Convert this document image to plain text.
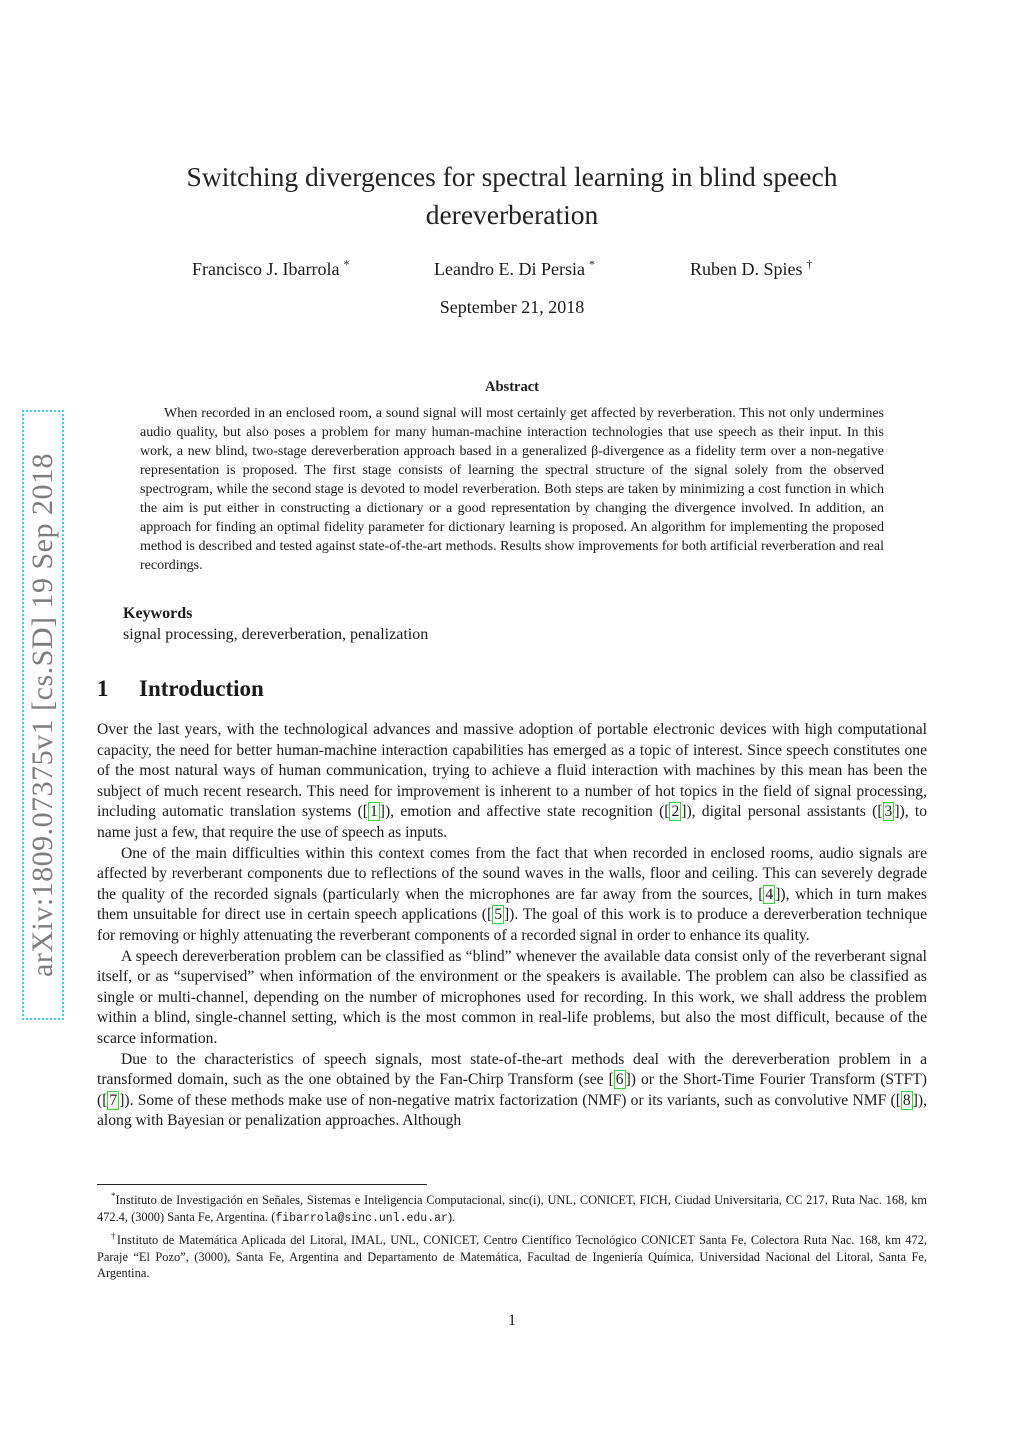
arXiv:1809.07375v1 [cs.SD] 19 Sep 2018
Switching divergences for spectral learning in blind speech dereverberation
Francisco J. Ibarrola *	Leandro E. Di Persia *	Ruben D. Spies †
September 21, 2018
Abstract

When recorded in an enclosed room, a sound signal will most certainly get affected by reverberation. This not only undermines audio quality, but also poses a problem for many human-machine interaction technologies that use speech as their input. In this work, a new blind, two-stage dereverberation approach based in a generalized β-divergence as a fidelity term over a non-negative representation is proposed. The first stage consists of learning the spectral structure of the signal solely from the observed spectrogram, while the second stage is devoted to model reverberation. Both steps are taken by minimizing a cost function in which the aim is put either in constructing a dictionary or a good representation by changing the divergence involved. In addition, an approach for finding an optimal fidelity parameter for dictionary learning is proposed. An algorithm for implementing the proposed method is described and tested against state-of-the-art methods. Results show improvements for both artificial reverberation and real recordings.

Keywords
signal processing, dereverberation, penalization
1 Introduction

Over the last years, with the technological advances and massive adoption of portable electronic devices with high computational capacity, the need for better human-machine interaction capabilities has emerged as a topic of interest. Since speech constitutes one of the most natural ways of human communication, trying to achieve a fluid interaction with machines by this mean has been the subject of much recent research. This need for improvement is inherent to a number of hot topics in the field of signal processing, including automatic translation systems ([ 1 ]), emotion and affective state recognition ([ 2 ]), digital personal assistants ([ 3 ]), to name just a few, that require the use of speech as inputs.

One of the main difficulties within this context comes from the fact that when recorded in enclosed rooms, audio signals are affected by reverberant components due to reflections of the sound waves in the walls, floor and ceiling. This can severely degrade the quality of the recorded signals (particularly when the microphones are far away from the sources, [ 4 ]), which in turn makes them unsuitable for direct use in certain speech applications ([ 5 ]). The goal of this work is to produce a dereverberation technique for removing or highly attenuating the reverberant components of a recorded signal in order to enhance its quality.

A speech dereverberation problem can be classified as “blind” whenever the available data consist only of the reverberant signal itself, or as “supervised” when information of the environment or the speakers is available. The problem can also be classified as single or multi-channel, depending on the number of microphones used for recording. In this work, we shall address the problem within a blind, single-channel setting, which is the most common in real-life problems, but also the most difficult, because of the scarce information.

Due to the characteristics of speech signals, most state-of-the-art methods deal with the dereverberation problem in a transformed domain, such as the one obtained by the Fan-Chirp Transform (see [ 6 ]) or the Short-Time Fourier Transform (STFT) ([ 7 ]). Some of these methods make use of non-negative matrix factorization (NMF) or its variants, such as convolutive NMF ([ 8 ]), along with Bayesian or penalization approaches. Although

*Instituto de Investigación en Señales, Sistemas e Inteligencia Computacional, sinc(i), UNL, CONICET, FICH, Ciudad Universitaria, CC 217, Ruta Nac. 168, km 472.4, (3000) Santa Fe, Argentina. (fibarrola@sinc.unl.edu.ar).

†Instituto de Matemática Aplicada del Litoral, IMAL, UNL, CONICET, Centro Científico Tecnológico CONICET Santa Fe, Colectora Ruta Nac. 168, km 472, Paraje “El Pozo”, (3000), Santa Fe, Argentina and Departamento de Matemática, Facultad de Ingeniería Química, Universidad Nacional del Litoral, Santa Fe, Argentina.

1
